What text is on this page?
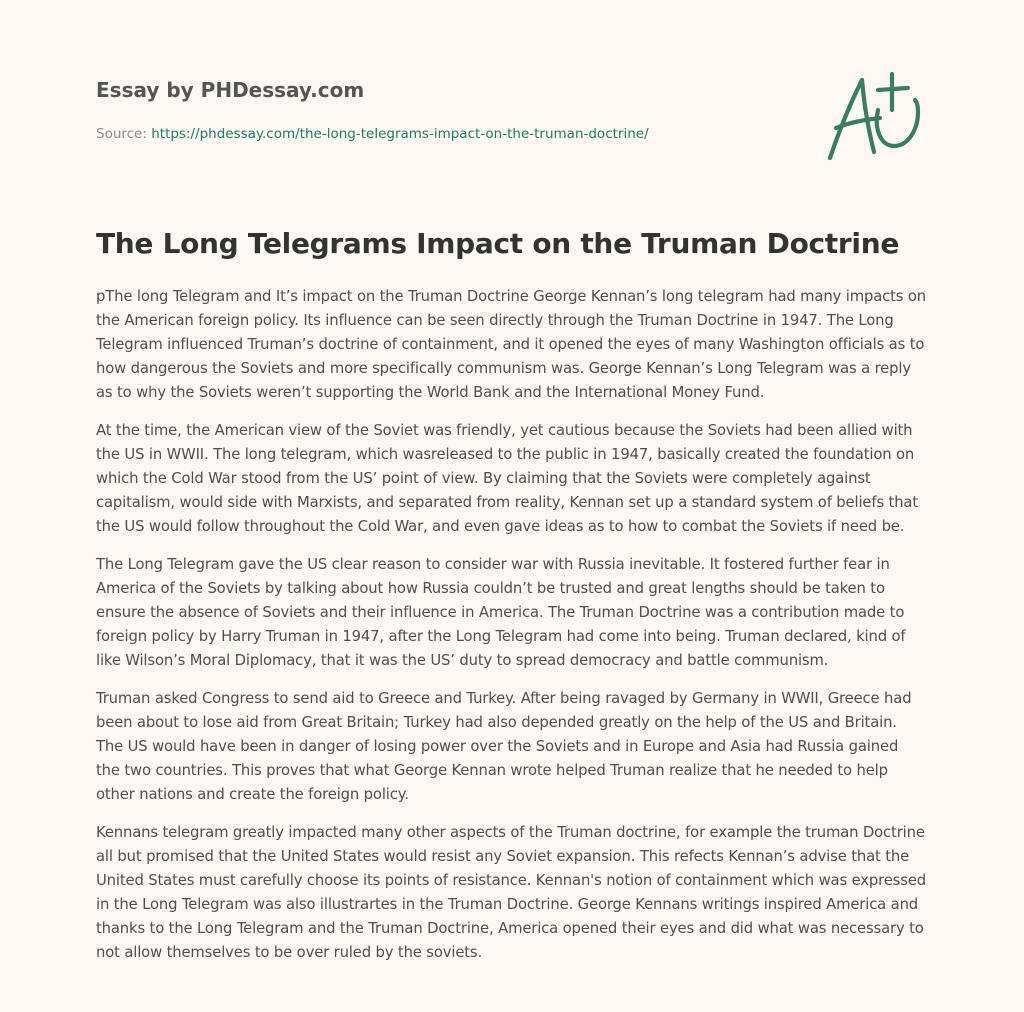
Essay by PHDessay.com
Source: https://phdessay.com/the-long-telegrams-impact-on-the-truman-doctrine/
The Long Telegrams Impact on the Truman Doctrine

pThe long Telegram and It’s impact on the Truman Doctrine George Kennan’s long telegram had many impacts on the American foreign policy. Its influence can be seen directly through the Truman Doctrine in 1947. The Long Telegram influenced Truman’s doctrine of containment, and it opened the eyes of many Washington officials as to how dangerous the Soviets and more specifically communism was. George Kennan’s Long Telegram was a reply as to why the Soviets weren’t supporting the World Bank and the International Money Fund.

At the time, the American view of the Soviet was friendly, yet cautious because the Soviets had been allied with the US in WWII. The long telegram, which wasreleased to the public in 1947, basically created the foundation on which the Cold War stood from the US’ point of view. By claiming that the Soviets were completely against capitalism, would side with Marxists, and separated from reality, Kennan set up a standard system of beliefs that the US would follow throughout the Cold War, and even gave ideas as to how to combat the Soviets if need be.

The Long Telegram gave the US clear reason to consider war with Russia inevitable. It fostered further fear in America of the Soviets by talking about how Russia couldn’t be trusted and great lengths should be taken to ensure the absence of Soviets and their influence in America. The Truman Doctrine was a contribution made to foreign policy by Harry Truman in 1947, after the Long Telegram had come into being. Truman declared, kind of like Wilson’s Moral Diplomacy, that it was the US’ duty to spread democracy and battle communism.

Truman asked Congress to send aid to Greece and Turkey. After being ravaged by Germany in WWII, Greece had been about to lose aid from Great Britain; Turkey had also depended greatly on the help of the US and Britain. The US would have been in danger of losing power over the Soviets and in Europe and Asia had Russia gained the two countries. This proves that what George Kennan wrote helped Truman realize that he needed to help other nations and create the foreign policy.

Kennans telegram greatly impacted many other aspects of the Truman doctrine, for example the truman Doctrine all but promised that the United States would resist any Soviet expansion. This refects Kennan’s advise that the United States must carefully choose its points of resistance. Kennan's notion of containment which was expressed in the Long Telegram was also illustrartes in the Truman Doctrine. George Kennans writings inspired America and thanks to the Long Telegram and the Truman Doctrine, America opened their eyes and did what was necessary to not allow themselves to be over ruled by the soviets.
